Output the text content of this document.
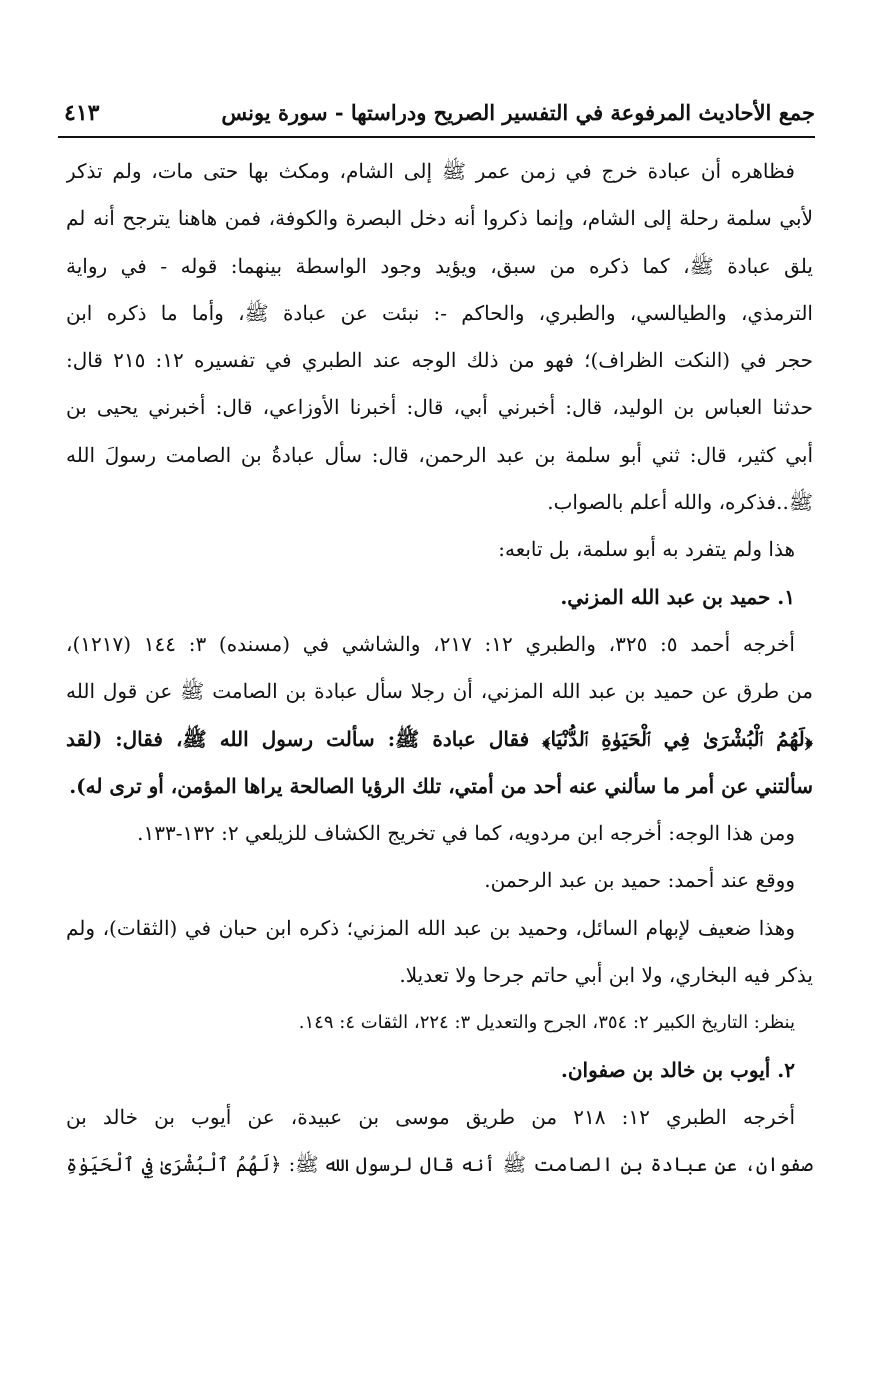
جمع الأحاديث المرفوعة في التفسير الصريح ودراستها - سورة يونس
٤١٣
فظاهره أن عبادة خرج في زمن عمر ﷺ إلى الشام، ومكث بها حتى مات، ولم تذكر
لأبي سلمة رحلة إلى الشام، وإنما ذكروا أنه دخل البصرة والكوفة، فمن هاهنا يترجح أنه لم
يلق عبادة ﷺ، كما ذكره من سبق، ويؤيد وجود الواسطة بينهما: قوله - في رواية
الترمذي، والطيالسي، والطبري، والحاكم -: نبئت عن عبادة ﷺ، وأما ما ذكره ابن
حجر في (النكت الظراف)؛ فهو من ذلك الوجه عند الطبري في تفسيره ١٢: ٢١٥ قال:
حدثنا العباس بن الوليد، قال: أخبرني أبي، قال: أخبرنا الأوزاعي، قال: أخبرني يحيى بن
أبي كثير، قال: ثني أبو سلمة بن عبد الرحمن، قال: سأل عبادةُ بن الصامت رسولَ الله
ﷺ..فذكره، والله أعلم بالصواب.
هذا ولم يتفرد به أبو سلمة، بل تابعه:
١. حميد بن عبد الله المزني.
أخرجه أحمد ٥: ٣٢٥، والطبري ١٢: ٢١٧، والشاشي في (مسنده) ٣: ١٤٤ (١٢١٧)،
من طرق عن حميد بن عبد الله المزني، أن رجلا سأل عبادة بن الصامت ﷺ عن قول الله
﴿لَهُمُ ٱلْبُشْرَىٰ فِي ٱلْحَيَوٰةِ ٱلدُّنْيَا﴾ فقال عبادة ﷺ: سألت رسول الله ﷺ، فقال: (لقد
سألتني عن أمر ما سألني عنه أحد من أمتي، تلك الرؤيا الصالحة يراها المؤمن، أو ترى له).
ومن هذا الوجه: أخرجه ابن مردويه، كما في تخريج الكشاف للزيلعي ٢: ١٣٢-١٣٣.
ووقع عند أحمد: حميد بن عبد الرحمن.
وهذا ضعيف لإبهام السائل، وحميد بن عبد الله المزني؛ ذكره ابن حبان في (الثقات)، ولم
يذكر فيه البخاري، ولا ابن أبي حاتم جرحا ولا تعديلا.
ينظر: التاريخ الكبير ٢: ٣٥٤، الجرح والتعديل ٣: ٢٢٤، الثقات ٤: ١٤٩.
٢. أيوب بن خالد بن صفوان.
أخرجه الطبري ١٢: ٢١٨ من طريق موسى بن عبيدة، عن أيوب بن خالد بن
صفوان، عن عبادة بن الصامت ﷺ أنه قال لرسول الله ﷺ: ﴿لَهُمُ ٱلْبُشْرَىٰ فِي ٱلْحَيَوٰةِ
